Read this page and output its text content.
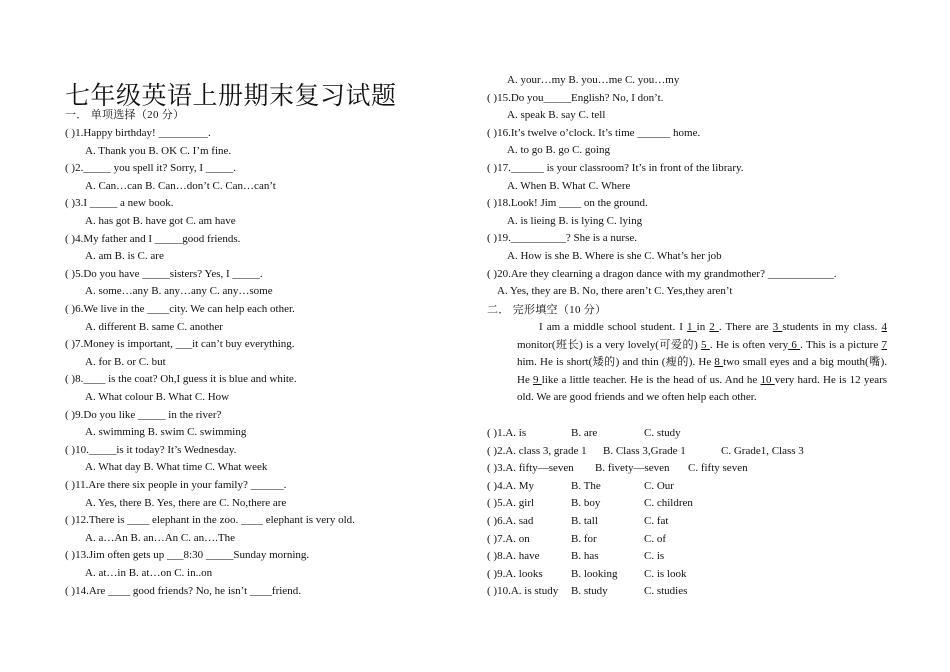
七年级英语上册期末复习试题
一． 单项选择（20 分）
( )1.Happy birthday! _________.
A. Thank you B. OK C. I’m fine.
( )2._____ you spell it? Sorry, I _____.
A. Can…can B. Can…don’t C. Can…can’t
( )3.I _____ a new book.
A. has got B. have got C. am have
( )4.My father and I _____good friends.
A. am B. is C. are
( )5.Do you have _____sisters? Yes, I _____.
A. some…any B. any…any C. any…some
( )6.We live in the ____city. We can help each other.
A. different B. same C. another
( )7.Money is important, ___it can’t buy everything.
A. for B. or C. but
( )8.____ is the coat? Oh,I guess it is blue and white.
A. What colour B. What C. How
( )9.Do you like _____ in the river?
A. swimming B. swim C. swimming
( )10._____is it today? It’s Wednesday.
A. What day B. What time C. What week
( )11.Are there six people in your family? ______.
A. Yes, there B. Yes, there are C. No,there are
( )12.There is ____ elephant in the zoo. ____ elephant is very old.
A. a…An B. an…An C. an….The
( )13.Jim often gets up ___8:30 _____Sunday morning.
A. at…in B. at…on C. in..on
( )14.Are ____ good friends? No, he isn’t ____friend.
A. your…my B. you…me C. you…my
( )15.Do you_____English? No, I don’t.
A. speak B. say C. tell
( )16.It’s twelve o’clock. It’s time ______ home.
A. to go B. go C. going
( )17.______ is your classroom? It’s in front of the library.
A. When B. What C. Where
( )18.Look! Jim ____ on the ground.
A. is lieing B. is lying C. lying
( )19.__________? She is a nurse.
A. How is she B. Where is she C. What’s her job
( )20.Are they clearning a dragon dance with my grandmother? ____________.
A. Yes, they are B. No, there aren’t C. Yes,they aren’t
二． 完形填空（10 分）
I am a middle school student. I 1 in 2 . There are 3 students in my class. 4 monitor(班长) is a very lovely(可爱的) 5 . He is often very 6 . This is a picture 7 him. He is short(矮的) and thin (瘦的). He 8 two small eyes and a big mouth(嘴). He 9 like a little teacher. He is the head of us. And he 10 very hard. He is 12 years old. We are good friends and we often help each other.
( )1.A. is	B. are	C. study
( )2.A. class 3, grade 1 B. Class 3,Grade 1	C. Grade1, Class 3
( )3.A. fifty—seven B. fivety—seven C. fifty seven
( )4.A. My	B. The	C. Our
( )5.A. girl	B. boy	C. children
( )6.A. sad	B. tall	C. fat
( )7.A. on	B. for	C. of
( )8.A. have	B. has	C. is
( )9.A. looks	B. looking C. is look
( )10.A. is study B. study	C. studies
